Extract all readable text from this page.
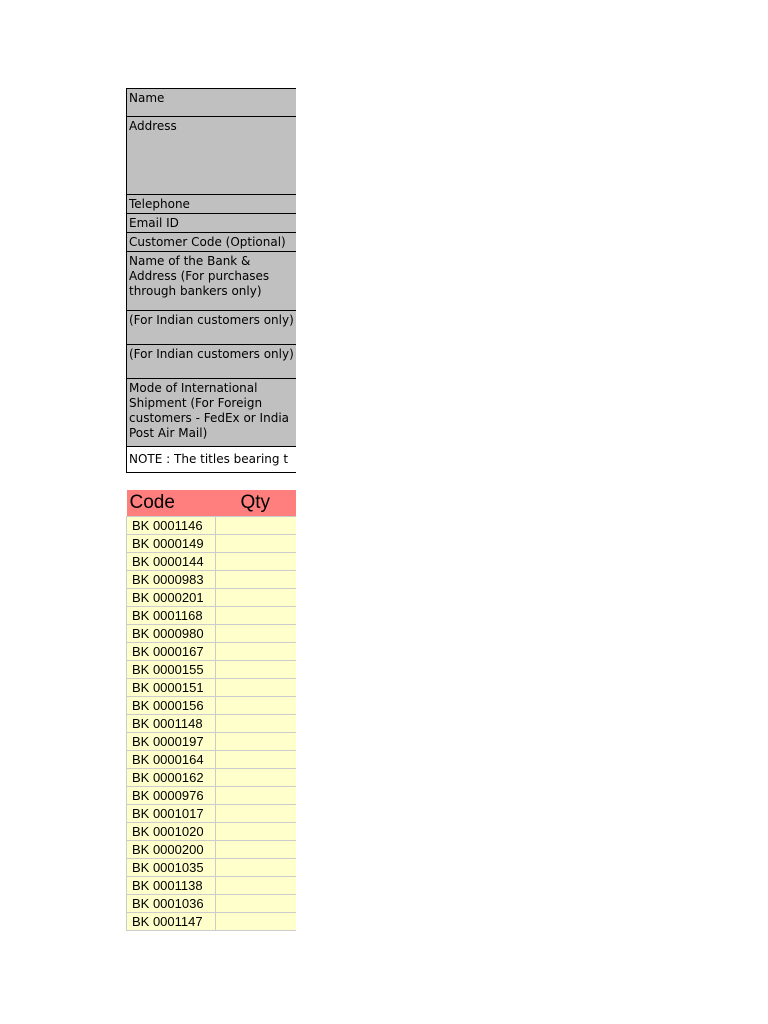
Name
Address
Telephone
Email ID
Customer Code (Optional)
Name of the Bank & Address (For purchases through bankers only)
(For Indian customers only)
(For Indian customers only)
Mode of International Shipment (For Foreign customers - FedEx or India Post Air Mail)
NOTE : The titles bearing t
Code	Qty
BK 0001146	
BK 0000149	
BK 0000144	
BK 0000983	
BK 0000201	
BK 0001168	
BK 0000980	
BK 0000167	
BK 0000155	
BK 0000151	
BK 0000156	
BK 0001148	
BK 0000197	
BK 0000164	
BK 0000162	
BK 0000976	
BK 0001017	
BK 0001020	
BK 0000200	
BK 0001035	
BK 0001138	
BK 0001036	
BK 0001147	
